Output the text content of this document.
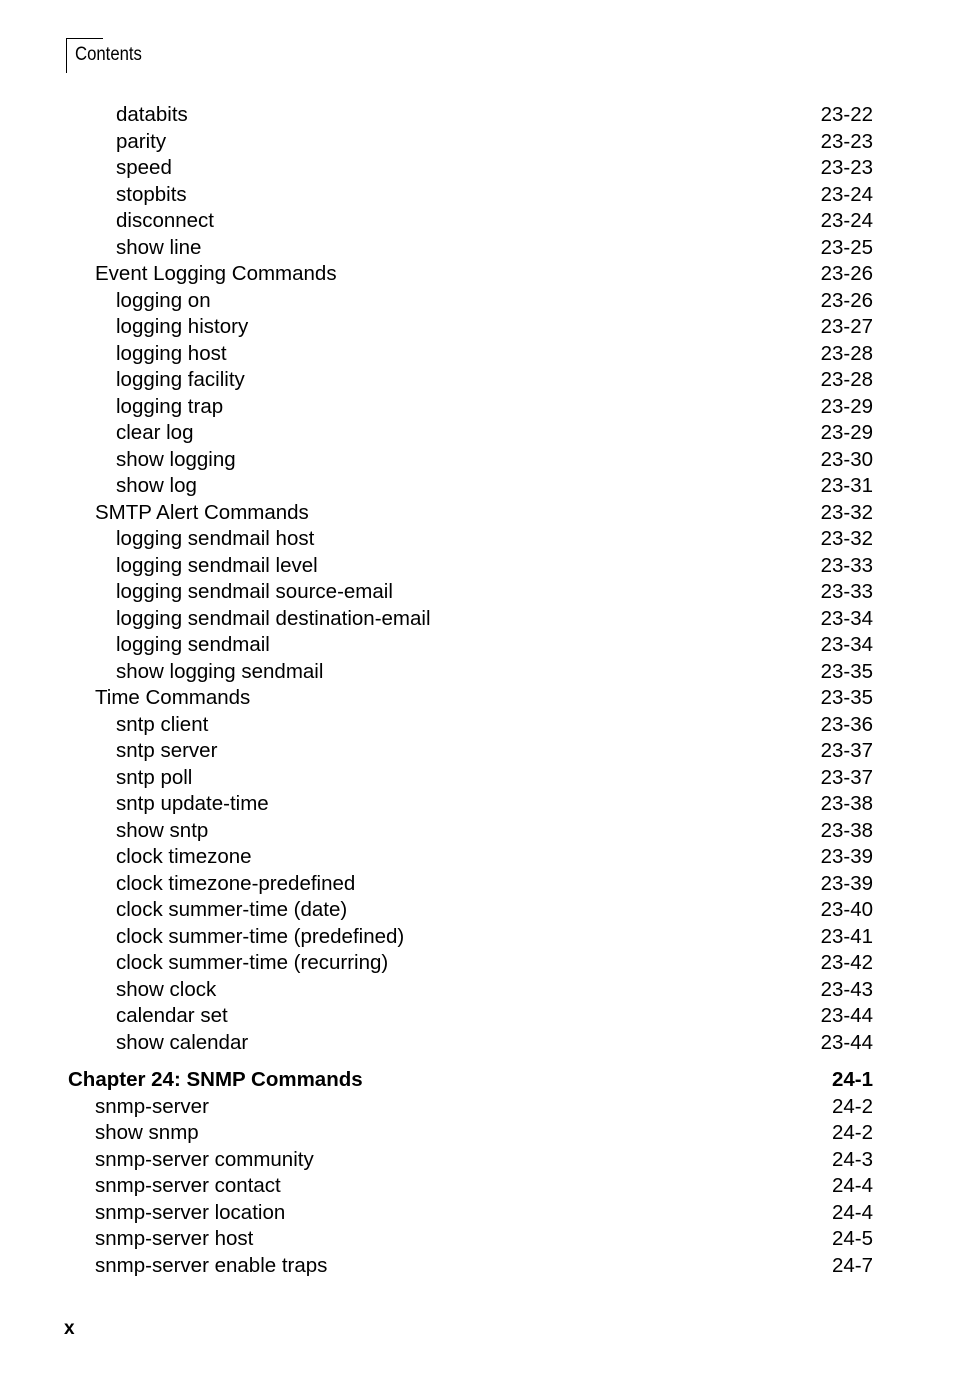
Contents
databits	23-22
parity	23-23
speed	23-23
stopbits	23-24
disconnect	23-24
show line	23-25
Event Logging Commands	23-26
logging on	23-26
logging history	23-27
logging host	23-28
logging facility	23-28
logging trap	23-29
clear log	23-29
show logging	23-30
show log	23-31
SMTP Alert Commands	23-32
logging sendmail host	23-32
logging sendmail level	23-33
logging sendmail source-email	23-33
logging sendmail destination-email	23-34
logging sendmail	23-34
show logging sendmail	23-35
Time Commands	23-35
sntp client	23-36
sntp server	23-37
sntp poll	23-37
sntp update-time	23-38
show sntp	23-38
clock timezone	23-39
clock timezone-predefined	23-39
clock summer-time (date)	23-40
clock summer-time (predefined)	23-41
clock summer-time (recurring)	23-42
show clock	23-43
calendar set	23-44
show calendar	23-44
Chapter 24: SNMP Commands	24-1
snmp-server	24-2
show snmp	24-2
snmp-server community	24-3
snmp-server contact	24-4
snmp-server location	24-4
snmp-server host	24-5
snmp-server enable traps	24-7
x
